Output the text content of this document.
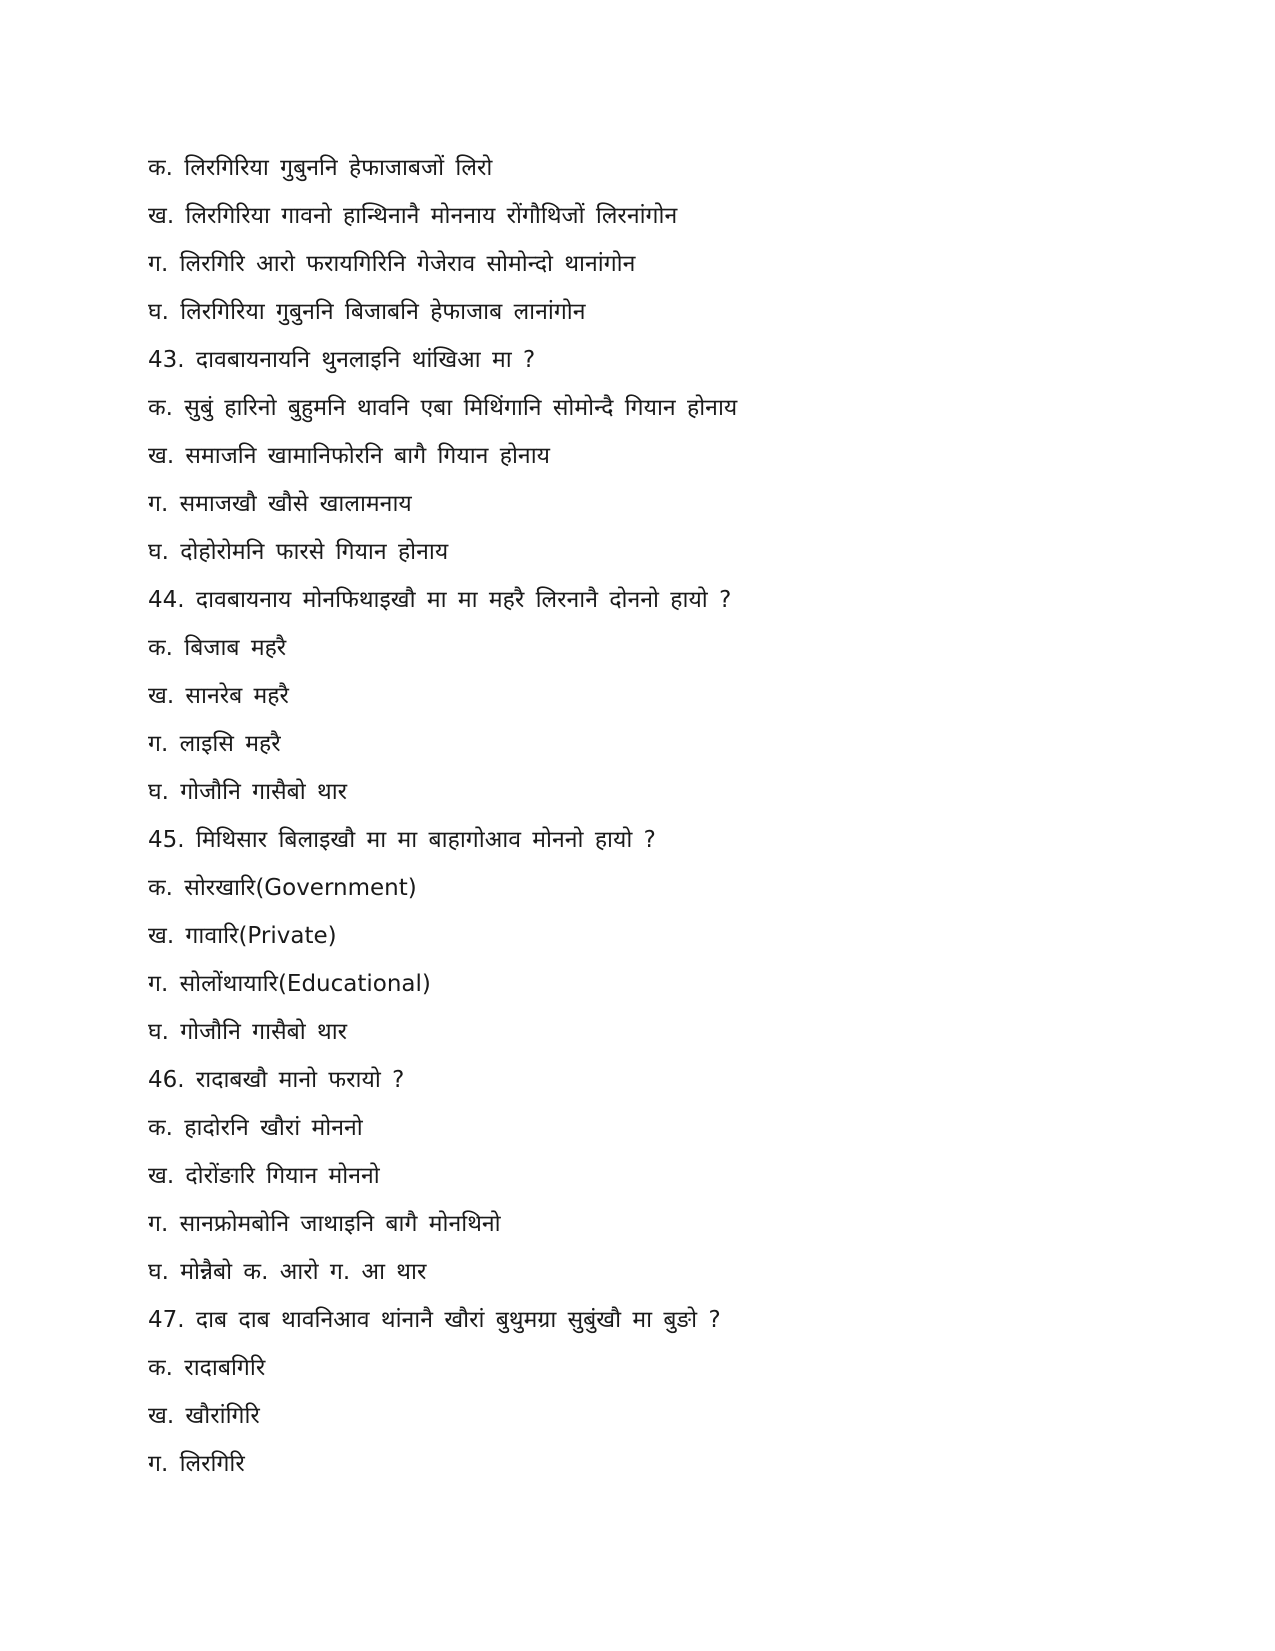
क. लिरगिरिया गुबुननि हेफाजाबजों लिरो
ख. लिरगिरिया गावनो हान्थिनानै मोननाय रोंगौथिजों लिरनांगोन
ग. लिरगिरि आरो फरायगिरिनि गेजेराव सोमोन्दो थानांगोन
घ. लिरगिरिया गुबुननि बिजाबनि हेफाजाब लानांगोन
43. दावबायनायनि थुनलाइनि थांखिआ मा ?
क. सुबुं हारिनो बुहुमनि थावनि एबा मिथिंगानि सोमोन्दै गियान होनाय
ख. समाजनि खामानिफोरनि बागै गियान होनाय
ग. समाजखौ खौसे खालामनाय
घ. दोहोरोमनि फारसे गियान होनाय
44. दावबायनाय मोनफिथाइखौ मा मा महरै लिरनानै दोननो हायो ?
क. बिजाब महरै
ख. सानरेब महरै
ग. लाइसि महरै
घ. गोजौनि गासैबो थार
45. मिथिसार बिलाइखौ मा मा बाहागोआव मोननो हायो ?
क. सोरखारि(Government)
ख. गावारि(Private)
ग. सोलोंथायारि(Educational)
घ. गोजौनि गासैबो थार
46. रादाबखौ मानो फरायो ?
क. हादोरनि खौरां मोननो
ख. दोरोंङारि गियान मोननो
ग. सानफ्रोमबोनि जाथाइनि बागै मोनथिनो
घ. मोन्नैबो क. आरो ग. आ थार
47. दाब दाब थावनिआव थांनानै खौरां बुथुमग्रा सुबुंखौ मा बुङो ?
क. रादाबगिरि
ख. खौरांगिरि
ग. लिरगिरि
